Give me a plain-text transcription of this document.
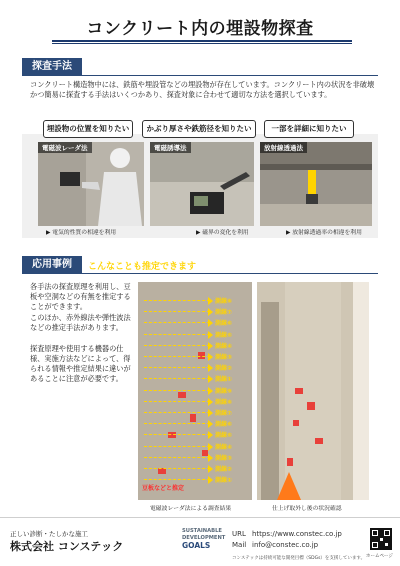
コンクリート内の埋設物探査
探査手法
コンクリート構造物中には、鉄筋や埋設管などの埋設物が存在しています。コンクリート内の状況を非破壊かつ簡易に探査する手法はいくつかあり、探査対象に合わせて適切な方法を選択しています。
埋設物の位置を知りたい	かぶり厚さや鉄筋径を知りたい	一部を詳細に知りたい
電磁波レーダ法
▶ 電気的性質の相違を利用
電磁誘導法
▶ 磁界の変化を利用
放射線透過法
▶ 放射線透過率の相違を利用
応用事例	こんなことも推定できます
各手法の探査原理を利用し、豆板や空洞などの有無を推定することができます。
このほか、赤外線法や弾性波法などの推定手法があります。
探査原理や使用する機器の仕様、実施方法などによって、得られる情報や推定結果に違いがあることに注意が必要です。
測線⑧
測線⑦
測線⑥
測線⑤
測線④
測線③
測線②
測線①
測線⑨
測線⑧
測線⑦
測線⑥
測線⑤
測線④
測線③
測線②
測線①
豆板などと推定
電磁波レーダ法による調査結果	仕上げ取外し後の状況確認
正しい診断・たしかな施工
株式会社 コンステック
SUSTAINABLE
DEVELOPMENT
GOALS
URL https://www.constec.co.jp
Mail info@constec.co.jp
コンステックは持続可能な開発目標（SDGs）を支援しています。 ホームページ
